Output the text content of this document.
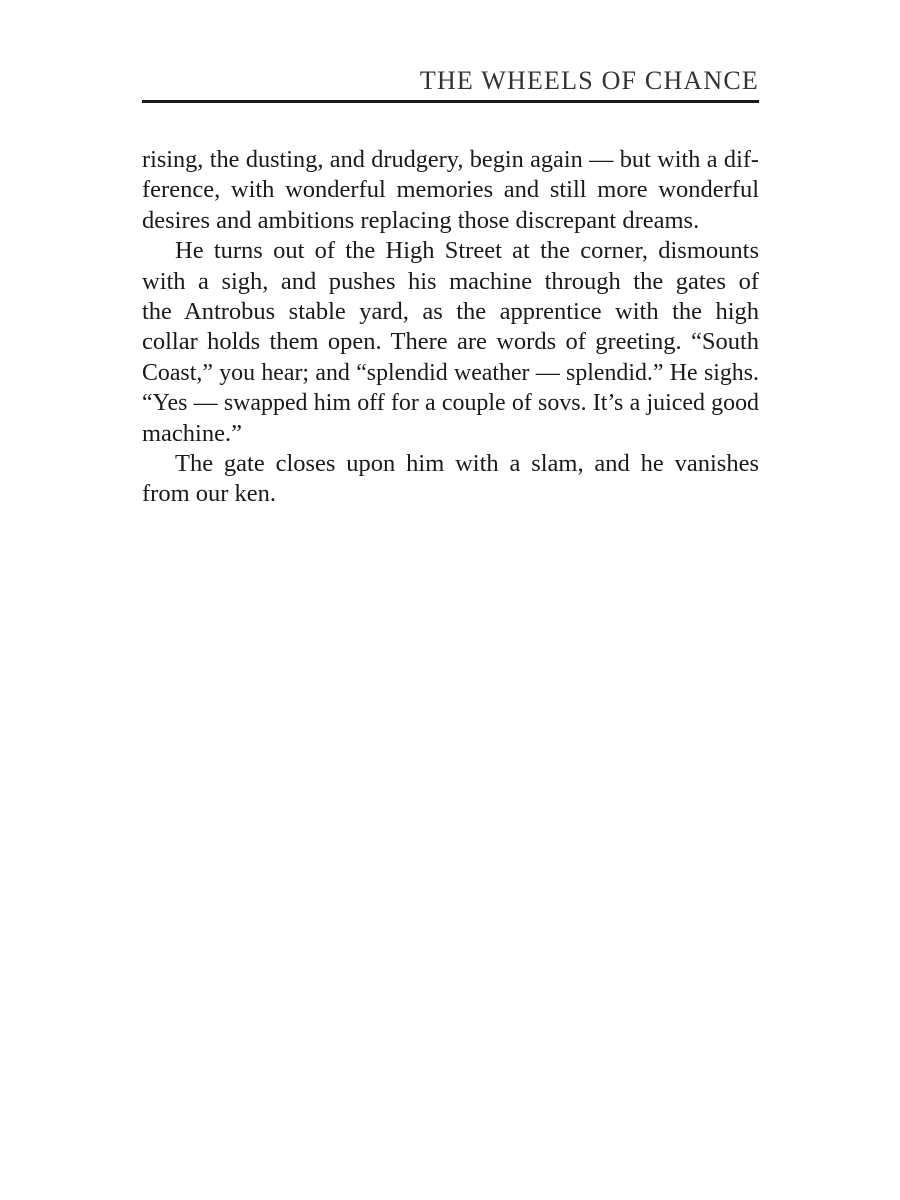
THE WHEELS OF CHANCE
rising, the dusting, and drudgery, begin again — but with a dif-
ference, with wonderful memories and still more wonderful
desires and ambitions replacing those discrepant dreams.
He turns out of the High Street at the corner, dismounts
with a sigh, and pushes his machine through the gates of
the Antrobus stable yard, as the apprentice with the high
collar holds them open. There are words of greeting. “South
Coast,” you hear; and “splendid weather — splendid.” He sighs.
“Yes — swapped him off for a couple of sovs. It’s a juiced good
machine.”
The gate closes upon him with a slam, and he vanishes
from our ken.
